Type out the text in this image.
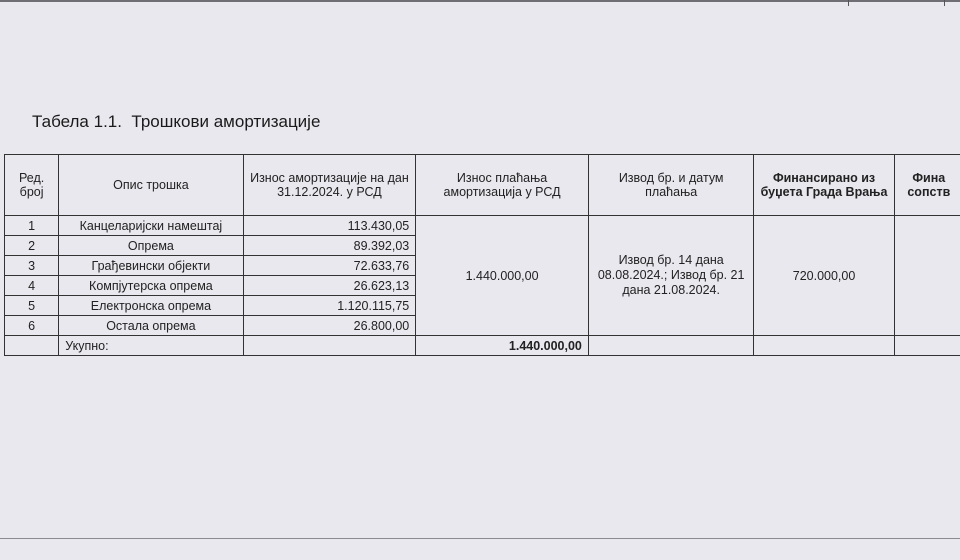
Табела 1.1. Трошкови амортизације
Ред. број	Опис трошка	Износ амортизације на дан 31.12.2024. у РСД	Износ плаћања амортизација у РСД	Извод бр. и датум плаћања	Финансирано из буџета Града Врања	Фина сопств
1	Канцеларијски намештај	113.430,05	1.440.000,00	Извод бр. 14 дана 08.08.2024.; Извод бр. 21 дана 21.08.2024.	720.000,00	
2	Опрема	89.392,03				
3	Грађевински објекти	72.633,76				
4	Компјутерска опрема	26.623,13				
5	Електронска опрема	1.120.115,75				
6	Остала опрема	26.800,00				
	Укупно:		1.440.000,00			
